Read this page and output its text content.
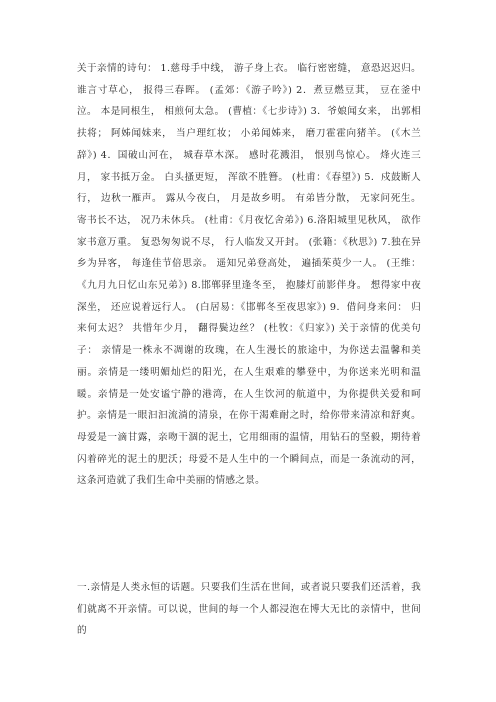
关于亲情的诗句： 1.慈母手中线， 游子身上衣。 临行密密缝， 意恐迟迟归。 谁言寸草心， 报得三春晖。 (孟郊：《游子吟》) 2．煮豆燃豆萁， 豆在釜中泣。 本是同根生， 相煎何太急。 (曹植：《七步诗》) 3．爷娘闻女来， 出郭相扶将； 阿姊闻妹来， 当户理红妆； 小弟闻姊来， 磨刀霍霍向猪羊。 (《木兰辞》) 4．国破山河在， 城春草木深。 感时花溅泪， 恨别鸟惊心。 烽火连三月， 家书抵万金。 白头搔更短， 浑欲不胜簪。 (杜甫：《春望》) 5．戍鼓断人行， 边秋一雁声。 露从今夜白， 月是故乡明。 有弟皆分散， 无家问死生。 寄书长不达， 况乃未休兵。 (杜甫：《月夜忆舍弟》) 6.洛阳城里见秋风， 欲作家书意万重。 复恐匆匆说不尽， 行人临发又开封。 (张籍：《秋思》) 7.独在异乡为异客， 每逢佳节倍思亲。 遥知兄弟登高处， 遍插茱萸少一人。 (王维：《九月九日忆山东兄弟》) 8.邯郸驿里逢冬至， 抱膝灯前影伴身。 想得家中夜深坐， 还应说着远行人。 (白居易：《邯郸冬至夜思家》) 9．借问身来问： 归来何太迟？ 共惜年少月， 翻得鬓边丝？ (杜牧：《归家》) 关于亲情的优美句子： 亲情是一株永不凋谢的玫瑰，在人生漫长的旅途中，为你送去温馨和美丽。亲情是一缕明媚灿烂的阳光，在人生艰难的攀登中，为你送来光明和温暖。亲情是一处安谧宁静的港湾，在人生饮河的航道中，为你提供关爱和呵护。亲情是一眼汩汩流淌的清泉，在你干渴难耐之时，给你带来清凉和舒爽。 母爱是一滴甘露，亲吻干涸的泥土，它用细雨的温情，用钻石的坚毅，期待着闪着碎光的泥土的肥沃；母爱不是人生中的一个瞬间点，而是一条流动的河，这条河造就了我们生命中美丽的情感之景。

一.亲情是人类永恒的话题。只要我们生活在世间，或者说只要我们还活着，我们就离不开亲情。可以说，世间的每一个人都浸泡在博大无比的亲情中，世间的
